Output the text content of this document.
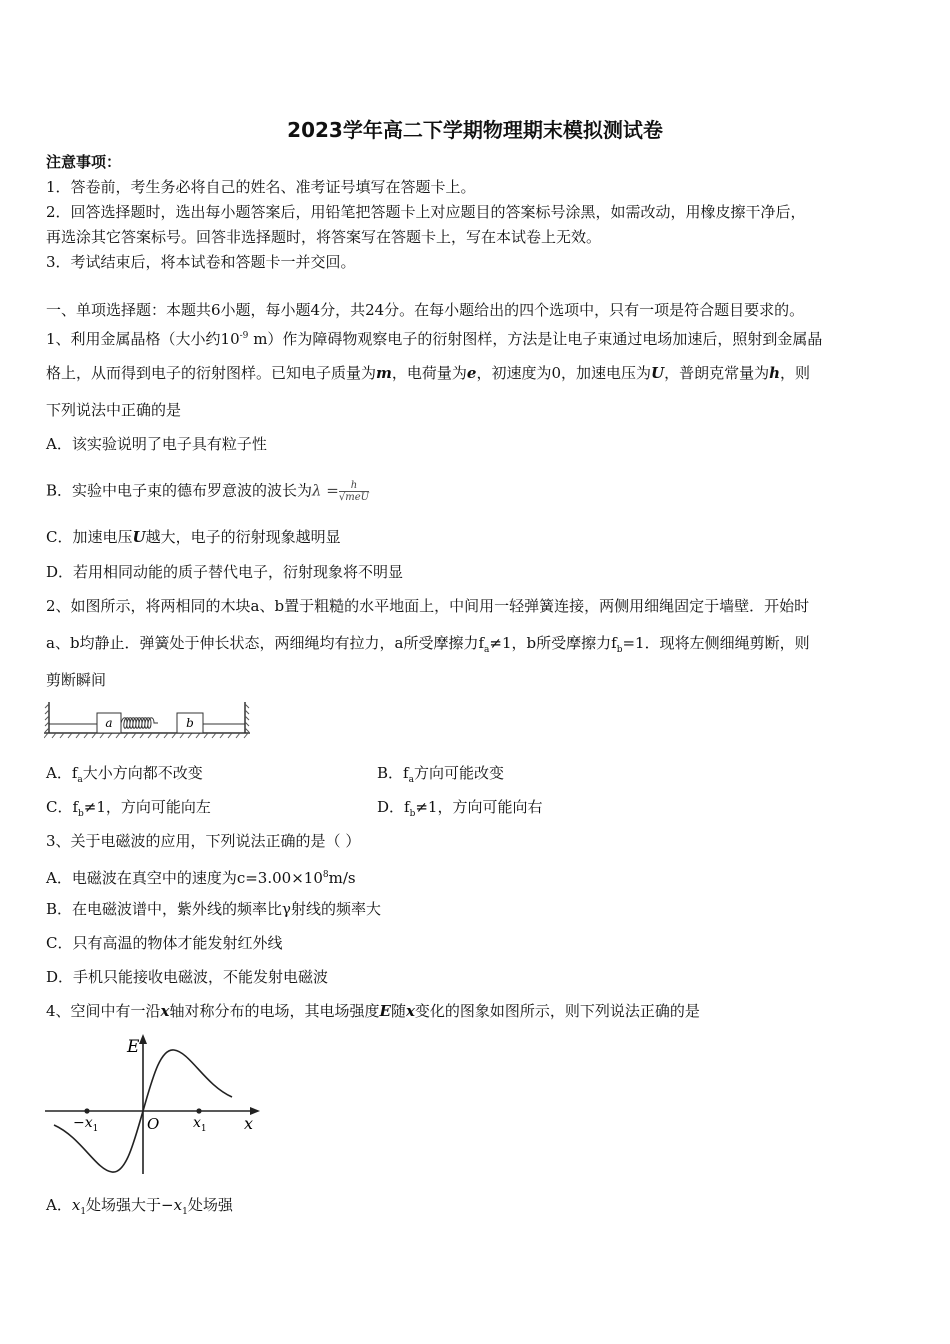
2023学年高二下学期物理期末模拟测试卷
注意事项：
1．答卷前，考生务必将自己的姓名、准考证号填写在答题卡上。
2．回答选择题时，选出每小题答案后，用铅笔把答题卡上对应题目的答案标号涂黑，如需改动，用橡皮擦干净后，
再选涂其它答案标号。回答非选择题时，将答案写在答题卡上，写在本试卷上无效。
3．考试结束后，将本试卷和答题卡一并交回。
一、单项选择题：本题共6小题，每小题4分，共24分。在每小题给出的四个选项中，只有一项是符合题目要求的。
1、利用金属晶格（大小约$10^{-9}$ m）作为障碍物观察电子的衍射图样，方法是让电子束通过电场加速后，照射到金属晶
格上，从而得到电子的衍射图样。已知电子质量为m，电荷量为e，初速度为0，加速电压为U，普朗克常量为h，则
下列说法中正确的是
A．该实验说明了电子具有粒子性
B．实验中电子束的德布罗意波的波长为$\lambda = \frac{h}{\text{√meU}}$
C．加速电压U越大，电子的衍射现象越明显
D．若用相同动能的质子替代电子，衍射现象将不明显
2、如图所示，将两相同的木块a、b置于粗糙的水平地面上，中间用一轻弹簧连接，两侧用细绳固定于墙壁．开始时
a、b均静止．弹簧处于伸长状态，两细绳均有拉力，a所受摩擦力$f_a\ne 1$，b所受摩擦力$f_b=1$．现将左侧细绳剪断，则
剪断瞬间
a	b
A．$f_a$大小方向都不改变	B．$f_a$方向可能改变
C．$f_b\ne 1$，方向可能向左	D．$f_b\ne 1$，方向可能向右
3、关于电磁波的应用，下列说法正确的是（ ）
A．电磁波在真空中的速度为$c=3.00\times 10^8m/s$
B．在电磁波谱中，紫外线的频率比γ射线的频率大
C．只有高温的物体才能发射红外线
D．手机只能接收电磁波，不能发射电磁波
4、空间中有一沿x轴对称分布的电场，其电场强度E随x变化的图象如图所示，则下列说法正确的是
E
x
O
$-x_1$	$x_1$
A．$x_1$处场强大于$-x_1$处场强
